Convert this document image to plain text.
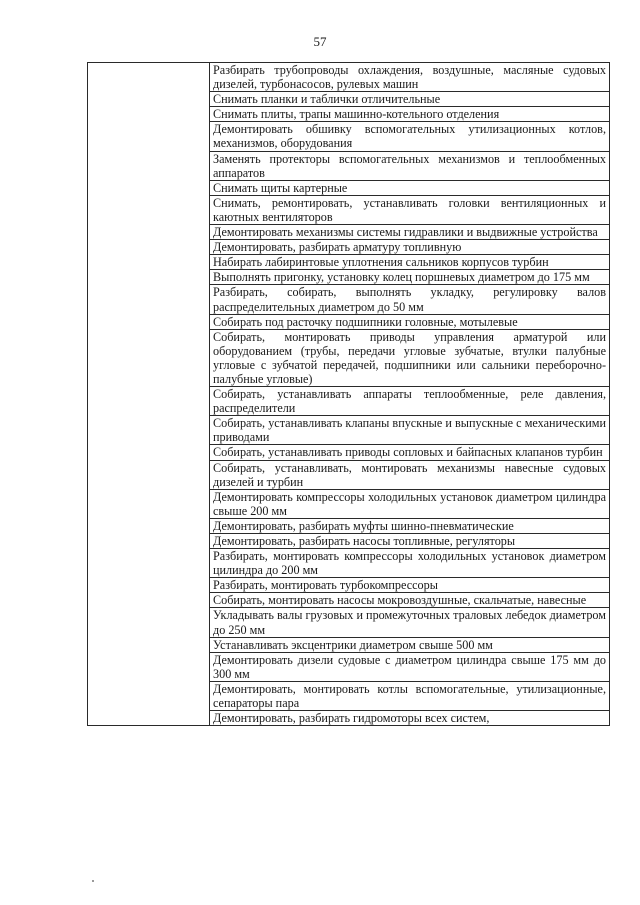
57
	Разбирать трубопроводы охлаждения, воздушные, масляные судовых дизелей, турбонасосов, рулевых машин
Снимать планки и таблички отличительные
Снимать плиты, трапы машинно-котельного отделения
Демонтировать обшивку вспомогательных утилизационных котлов, механизмов, оборудования
Заменять протекторы вспомогательных механизмов и теплообменных аппаратов
Снимать щиты картерные
Снимать, ремонтировать, устанавливать головки вентиляционных и каютных вентиляторов
Демонтировать механизмы системы гидравлики и выдвижные устройства
Демонтировать, разбирать арматуру топливную
Набирать лабиринтовые уплотнения сальников корпусов турбин
Выполнять пригонку, установку колец поршневых диаметром до 175 мм
Разбирать, собирать, выполнять укладку, регулировку валов распределительных диаметром до 50 мм
Собирать под расточку подшипники головные, мотылевые
Собирать, монтировать приводы управления арматурой или оборудованием (трубы, передачи угловые зубчатые, втулки палубные угловые с зубчатой передачей, подшипники или сальники переборочно-палубные угловые)
Собирать, устанавливать аппараты теплообменные, реле давления, распределители
Собирать, устанавливать клапаны впускные и выпускные с механическими приводами
Собирать, устанавливать приводы сопловых и байпасных клапанов турбин
Собирать, устанавливать, монтировать механизмы навесные судовых дизелей и турбин
Демонтировать компрессоры холодильных установок диаметром цилиндра свыше 200 мм
Демонтировать, разбирать муфты шинно-пневматические
Демонтировать, разбирать насосы топливные, регуляторы
Разбирать, монтировать компрессоры холодильных установок диаметром цилиндра до 200 мм
Разбирать, монтировать турбокомпрессоры
Собирать, монтировать насосы мокровоздушные, скальчатые, навесные
Укладывать валы грузовых и промежуточных траловых лебедок диаметром до 250 мм
Устанавливать эксцентрики диаметром свыше 500 мм
Демонтировать дизели судовые с диаметром цилиндра свыше 175 мм до 300 мм
Демонтировать, монтировать котлы вспомогательные, утилизационные, сепараторы пара
Демонтировать, разбирать гидромоторы всех систем,
